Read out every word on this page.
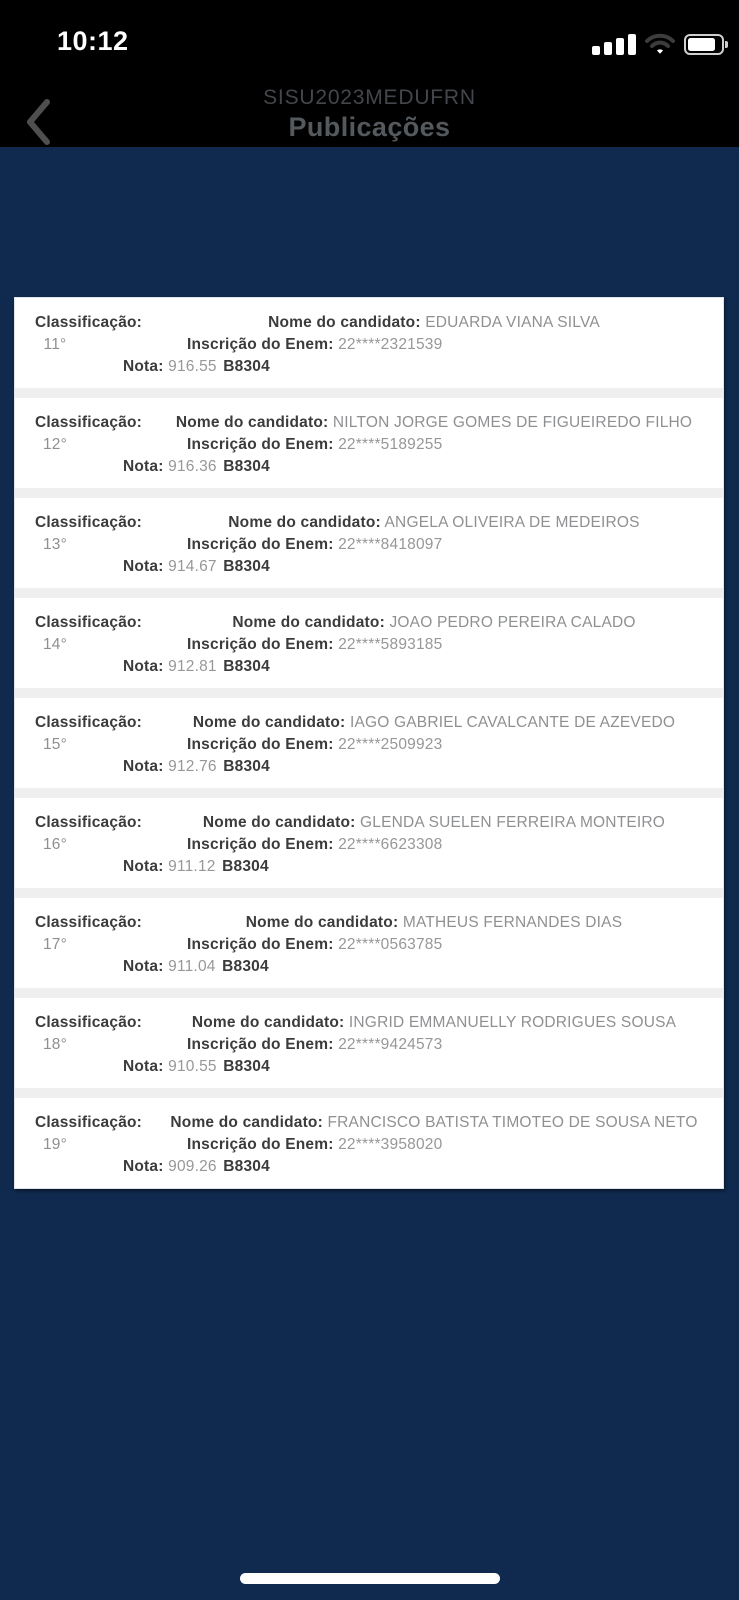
10:12
SISU2023MEDUFRN
Publicações
Classificação:	Nome do candidato: EDUARDA VIANA SILVA
11°	Inscrição do Enem: 22****2321539
Nota: 916.55 B8304
Classificação:	Nome do candidato: NILTON JORGE GOMES DE FIGUEIREDO FILHO
12°	Inscrição do Enem: 22****5189255
Nota: 916.36 B8304
Classificação:	Nome do candidato: ANGELA OLIVEIRA DE MEDEIROS
13°	Inscrição do Enem: 22****8418097
Nota: 914.67 B8304
Classificação:	Nome do candidato: JOAO PEDRO PEREIRA CALADO
14°	Inscrição do Enem: 22****5893185
Nota: 912.81 B8304
Classificação:	Nome do candidato: IAGO GABRIEL CAVALCANTE DE AZEVEDO
15°	Inscrição do Enem: 22****2509923
Nota: 912.76 B8304
Classificação:	Nome do candidato: GLENDA SUELEN FERREIRA MONTEIRO
16°	Inscrição do Enem: 22****6623308
Nota: 911.12 B8304
Classificação:	Nome do candidato: MATHEUS FERNANDES DIAS
17°	Inscrição do Enem: 22****0563785
Nota: 911.04 B8304
Classificação:	Nome do candidato: INGRID EMMANUELLY RODRIGUES SOUSA
18°	Inscrição do Enem: 22****9424573
Nota: 910.55 B8304
Classificação:	Nome do candidato: FRANCISCO BATISTA TIMOTEO DE SOUSA NETO
19°	Inscrição do Enem: 22****3958020
Nota: 909.26 B8304
